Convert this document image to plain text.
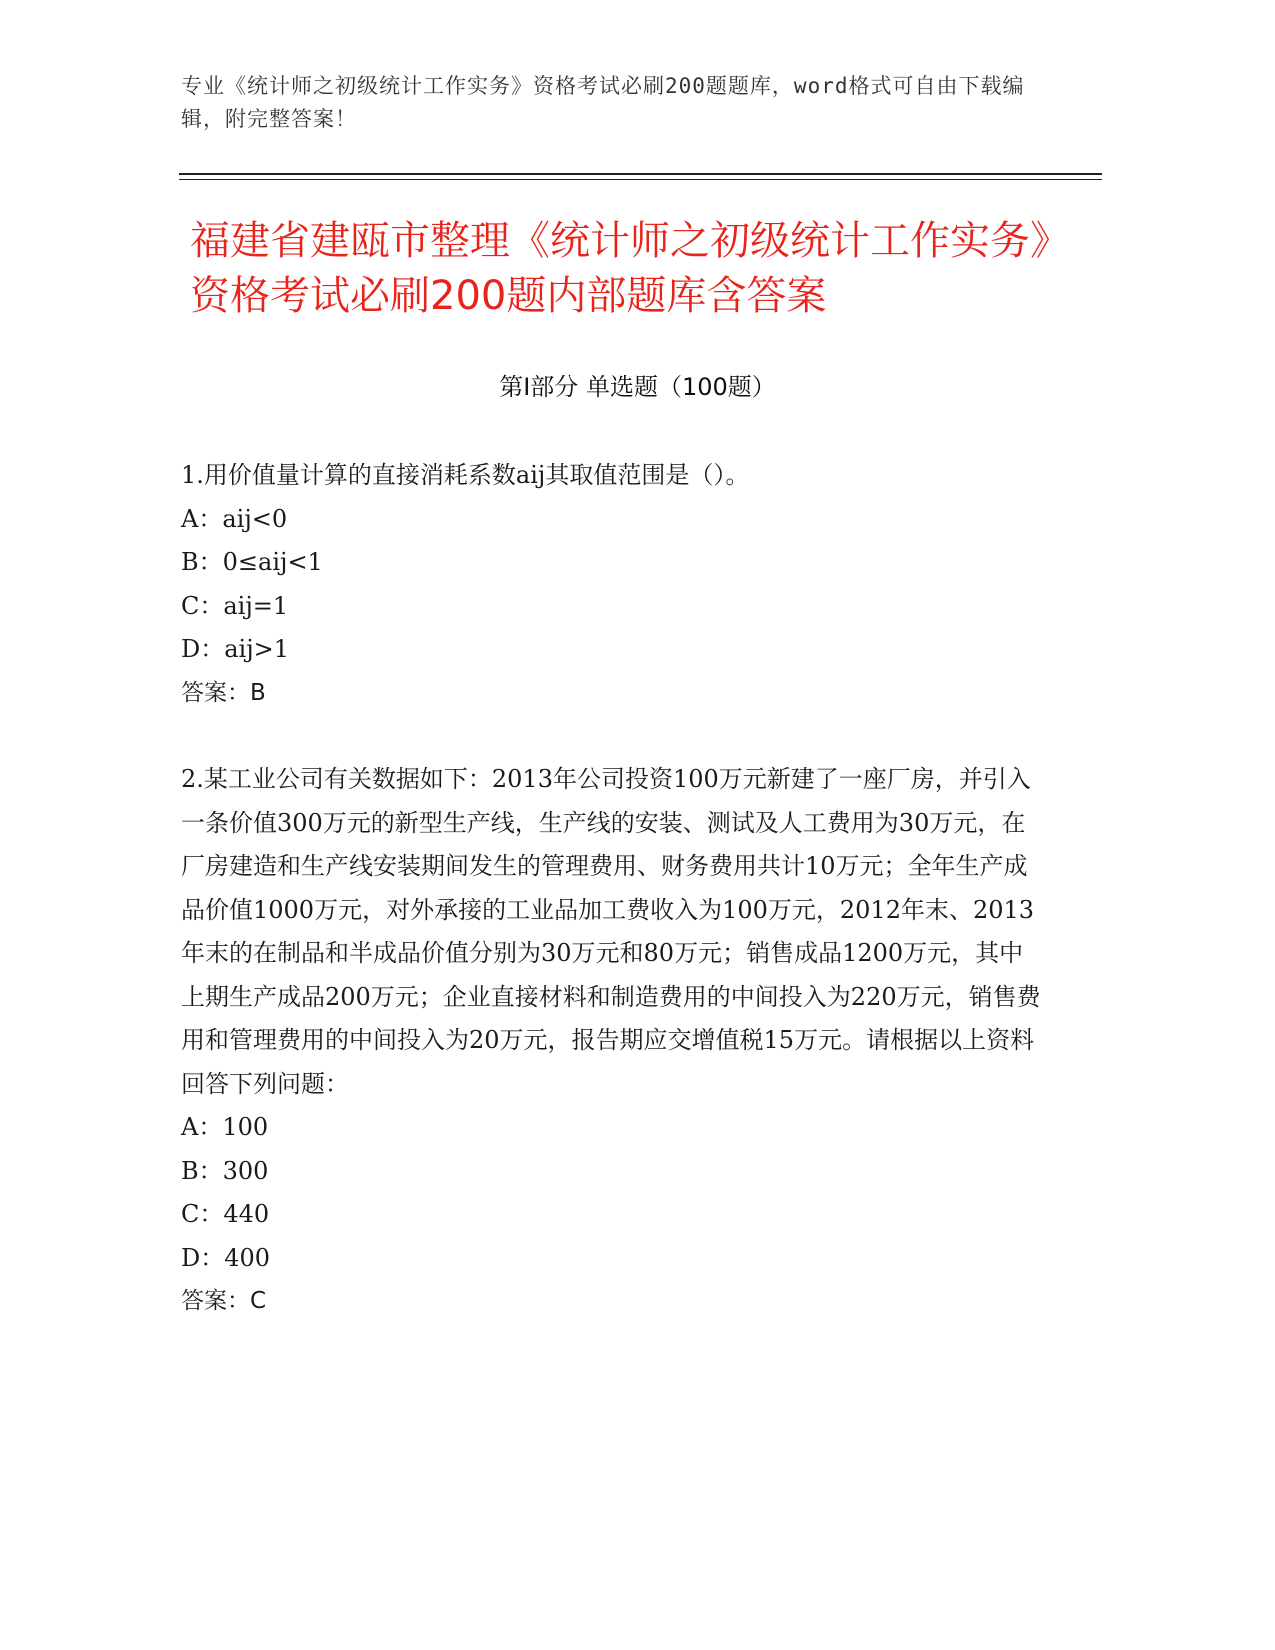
专业《统计师之初级统计工作实务》资格考试必刷200题题库，word格式可自由下载编辑，附完整答案！
福建省建瓯市整理《统计师之初级统计工作实务》资格考试必刷200题内部题库含答案
第Ⅰ部分 单选题（100题）

1.用价值量计算的直接消耗系数aij其取值范围是（）。

A：aij<0

B：0≤aij<1

C：aij=1

D：aij>1

答案：B

2.某工业公司有关数据如下：2013年公司投资100万元新建了一座厂房，并引入一条价值300万元的新型生产线，生产线的安装、测试及人工费用为30万元，在厂房建造和生产线安装期间发生的管理费用、财务费用共计10万元；全年生产成品价值1000万元，对外承接的工业品加工费收入为100万元，2012年末、2013年末的在制品和半成品价值分别为30万元和80万元；销售成品1200万元，其中上期生产成品200万元；企业直接材料和制造费用的中间投入为220万元，销售费用和管理费用的中间投入为20万元，报告期应交增值税15万元。请根据以上资料回答下列问题：

A：100

B：300

C：440

D：400

答案：C
